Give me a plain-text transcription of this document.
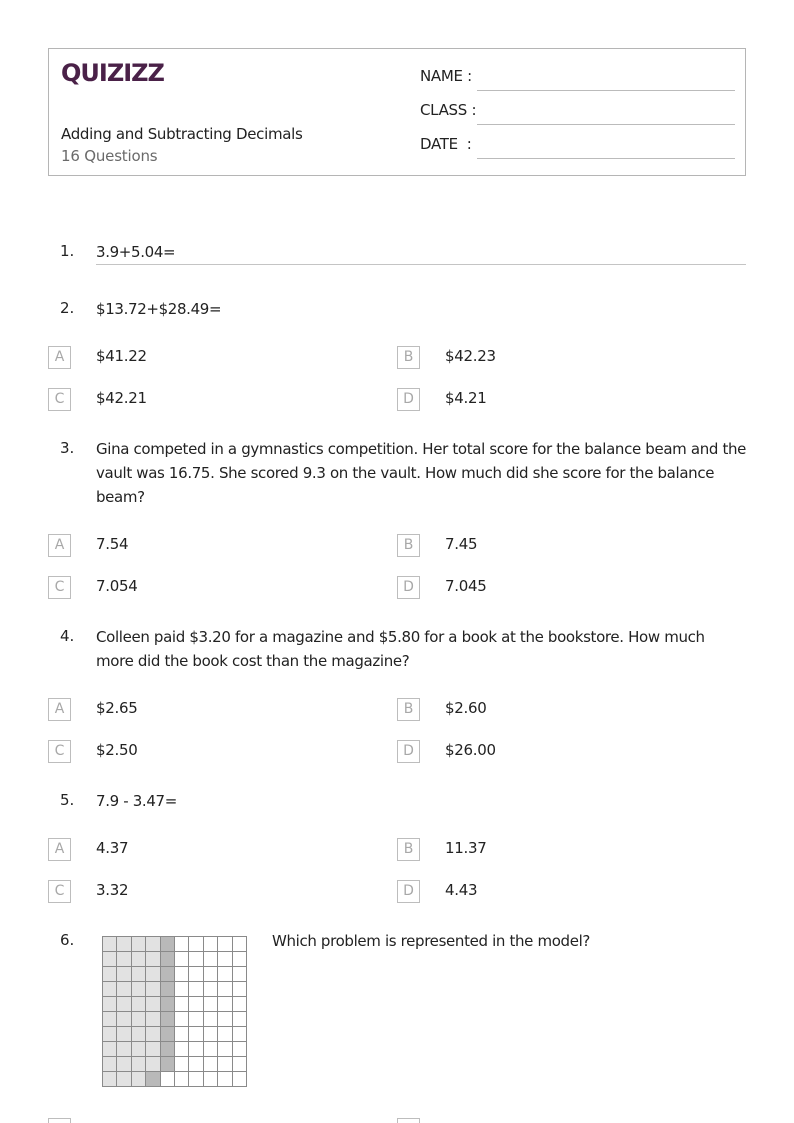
QUIZIZZ
Adding and Subtracting Decimals
16 Questions
NAME :
CLASS :
DATE  :
1. 3.9+5.04=
2. $13.72+$28.49=
A	$41.22	B	$42.23
C	$42.21	D	$4.21
3. Gina competed in a gymnastics competition. Her total score for the balance beam and the vault was 16.75. She scored 9.3 on the vault. How much did she score for the balance beam?
A	7.54	B	7.45
C	7.054	D	7.045
4. Colleen paid $3.20 for a magazine and $5.80 for a book at the bookstore. How much more did the book cost than the magazine?
A	$2.65	B	$2.60
C	$2.50	D	$26.00
5. 7.9 - 3.47=
A	4.37	B	11.37
C	3.32	D	4.43
6.

										Which problem is represented in the model?
